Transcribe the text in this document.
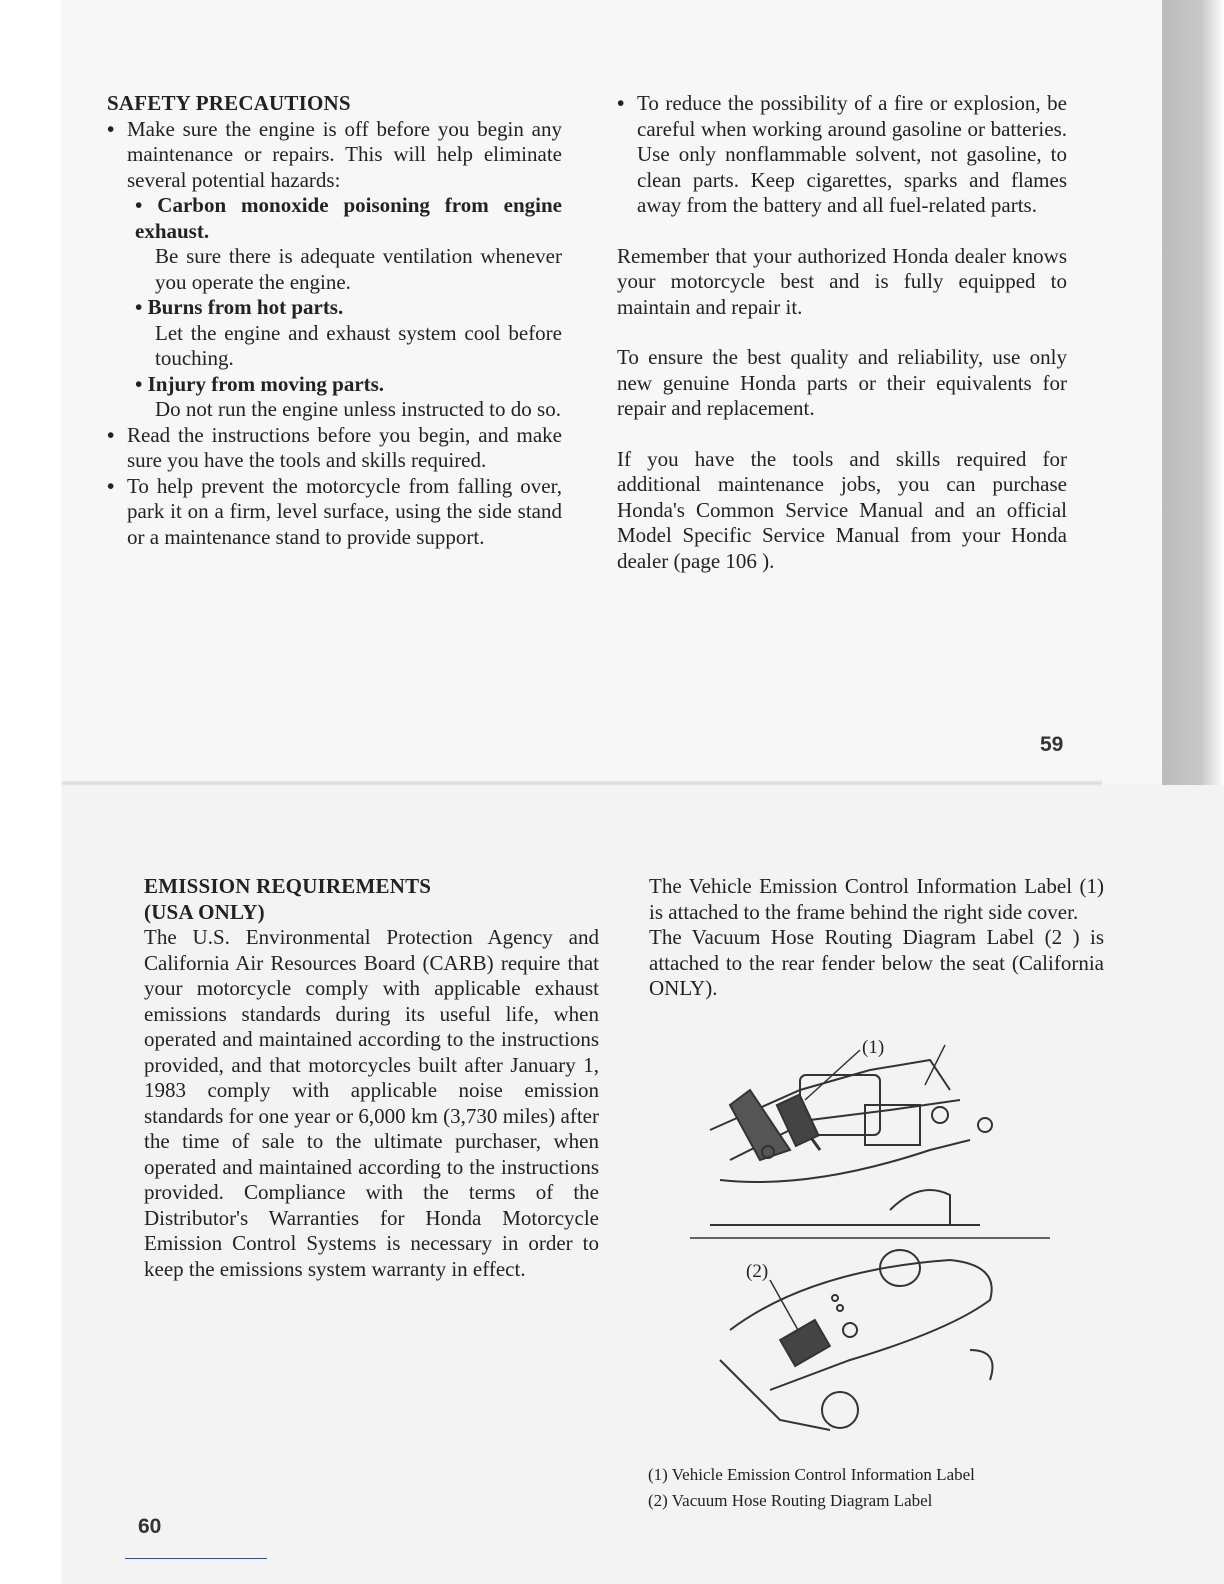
SAFETY PRECAUTIONS
• Make sure the engine is off before you begin any maintenance or repairs. This will help eliminate several potential hazards:
• Carbon monoxide poisoning from engine exhaust.
Be sure there is adequate ventilation whenever you operate the engine.
• Burns from hot parts.
Let the engine and exhaust system cool before touching.
• Injury from moving parts.
Do not run the engine unless instructed to do so.
• Read the instructions before you begin, and make sure you have the tools and skills required.
• To help prevent the motorcycle from falling over, park it on a firm, level surface, using the side stand or a maintenance stand to provide support.
• To reduce the possibility of a fire or explosion, be careful when working around gasoline or batteries. Use only nonflammable solvent, not gasoline, to clean parts. Keep cigarettes, sparks and flames away from the battery and all fuel-related parts.

Remember that your authorized Honda dealer knows your motorcycle best and is fully equipped to maintain and repair it.

To ensure the best quality and reliability, use only new genuine Honda parts or their equivalents for repair and replacement.

If you have the tools and skills required for additional maintenance jobs, you can purchase Honda's Common Service Manual and an official Model Specific Service Manual from your Honda dealer (page 106 ).

59
EMISSION REQUIREMENTS
(USA ONLY)

The U.S. Environmental Protection Agency and California Air Resources Board (CARB) require that your motorcycle comply with applicable exhaust emissions standards during its useful life, when operated and maintained according to the instructions provided, and that motorcycles built after January 1, 1983 comply with applicable noise emission standards for one year or 6,000 km (3,730 miles) after the time of sale to the ultimate purchaser, when operated and maintained according to the instructions provided. Compliance with the terms of the Distributor's Warranties for Honda Motorcycle Emission Control Systems is necessary in order to keep the emissions system warranty in effect.

The Vehicle Emission Control Information Label (1) is attached to the frame behind the right side cover.

The Vacuum Hose Routing Diagram Label (2 ) is attached to the rear fender below the seat (California ONLY).

(1)
(2)
(1) Vehicle Emission Control Information Label
(2) Vacuum Hose Routing Diagram Label
60
